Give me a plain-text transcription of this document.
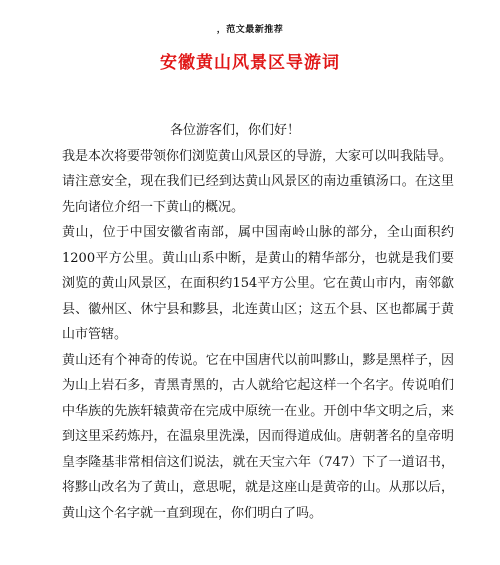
，范文最新推荐
安徽黄山风景区导游词

各位游客们，你们好！

我是本次将要带领你们浏览黄山风景区的导游，大家可以叫我陆导。

请注意安全，现在我们已经到达黄山风景区的南边重镇汤口。在这里先向诸位介绍一下黄山的概况。

黄山，位于中国安徽省南部，属中国南岭山脉的部分，全山面积约1200平方公里。黄山山系中断，是黄山的精华部分，也就是我们要浏览的黄山风景区，在面积约154平方公里。它在黄山市内，南邻歙县、徽州区、休宁县和黟县，北连黄山区；这五个县、区也都属于黄山市管辖。

黄山还有个神奇的传说。它在中国唐代以前叫黟山，黟是黑样子，因为山上岩石多，青黑青黑的，古人就给它起这样一个名字。传说咱们中华族的先族轩辕黄帝在完成中原统一在业。开创中华文明之后，来到这里采药炼丹，在温泉里洗澡，因而得道成仙。唐朝著名的皇帝明皇李隆基非常相信这们说法，就在天宝六年（747）下了一道诏书，将黟山改名为了黄山，意思呢，就是这座山是黄帝的山。从那以后，黄山这个名字就一直到现在，你们明白了吗。
